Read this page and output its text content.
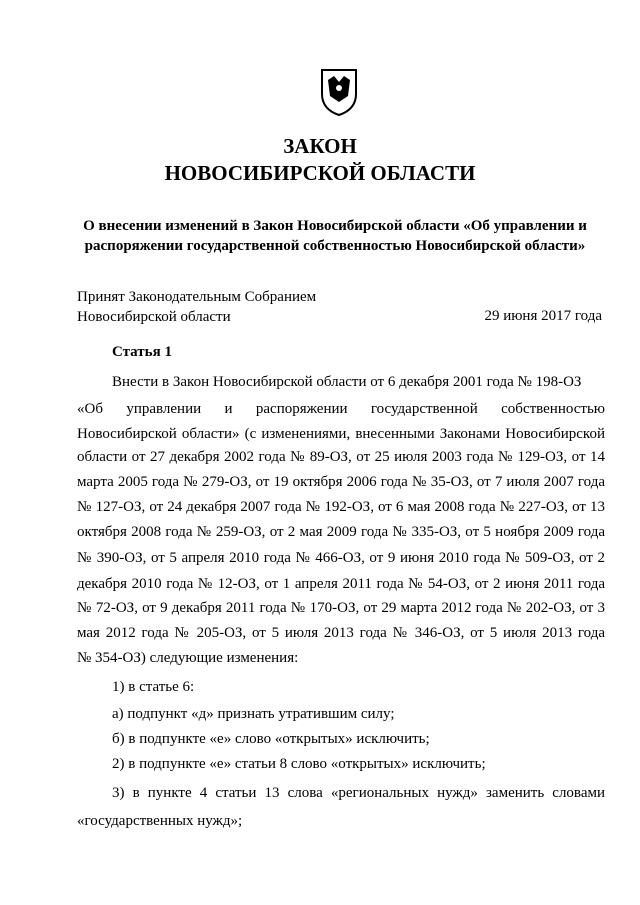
ЗАКОН
НОВОСИБИРСКОЙ ОБЛАСТИ
О внесении изменений в Закон Новосибирской области «Об управлении и
распоряжении государственной собственностью Новосибирской области»
Принят Законодательным Собранием
Новосибирской области	29 июня 2017 года
Статья 1
Внести в Закон Новосибирской области от 6 декабря 2001 года № 198-ОЗ
«Об управлении и распоряжении государственной собственностью
Новосибирской области» (с изменениями, внесенными Законами Новосибирской
области от 27 декабря 2002 года № 89-ОЗ, от 25 июля 2003 года № 129-ОЗ, от 14
марта 2005 года № 279-ОЗ, от 19 октября 2006 года № 35-ОЗ, от 7 июля 2007 года
№ 127-ОЗ, от 24 декабря 2007 года № 192-ОЗ, от 6 мая 2008 года № 227-ОЗ, от 13
октября 2008 года № 259-ОЗ, от 2 мая 2009 года № 335-ОЗ, от 5 ноября 2009 года
№ 390-ОЗ, от 5 апреля 2010 года № 466-ОЗ, от 9 июня 2010 года № 509-ОЗ, от 2
декабря 2010 года № 12-ОЗ, от 1 апреля 2011 года № 54-ОЗ, от 2 июня 2011 года
№ 72-ОЗ, от 9 декабря 2011 года № 170-ОЗ, от 29 марта 2012 года № 202-ОЗ, от 3
мая 2012 года № 205-ОЗ, от 5 июля 2013 года № 346-ОЗ, от 5 июля 2013 года
№ 354-ОЗ) следующие изменения:
1) в статье 6:
а) подпункт «д» признать утратившим силу;
б) в подпункте «е» слово «открытых» исключить;
2) в подпункте «е» статьи 8 слово «открытых» исключить;
3) в пункте 4 статьи 13 слова «региональных нужд» заменить словами
«государственных нужд»;
